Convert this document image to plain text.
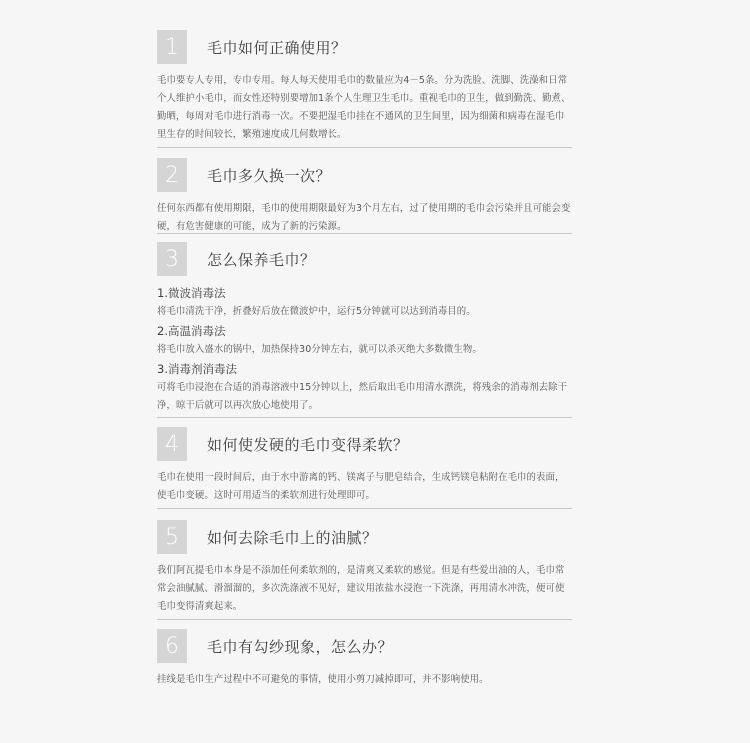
1	毛巾如何正确使用？
毛巾要专人专用，专巾专用。每人每天使用毛巾的数量应为4－5条。分为洗脸、洗脚、洗澡和日常个人维护小毛巾，而女性还特别要增加1条个人生理卫生毛巾。重视毛巾的卫生，做到勤洗、勤煮、勤晒，每周对毛巾进行消毒一次。不要把湿毛巾挂在不通风的卫生间里，因为细菌和病毒在湿毛巾里生存的时间较长，繁殖速度成几何数增长。
2	毛巾多久换一次？
任何东西都有使用期限，毛巾的使用期限最好为3个月左右，过了使用期的毛巾会污染并且可能会变硬，有危害健康的可能，成为了新的污染源。
3	怎么保养毛巾？
1.微波消毒法
将毛巾清洗干净，折叠好后放在微波炉中，运行5分钟就可以达到消毒目的。
2.高温消毒法
将毛巾放入盛水的锅中，加热保持30分钟左右，就可以杀灭绝大多数微生物。
3.消毒剂消毒法
可将毛巾浸泡在合适的消毒溶液中15分钟以上，然后取出毛巾用清水漂洗，将残余的消毒剂去除干净，晾干后就可以再次放心地使用了。
4	如何使发硬的毛巾变得柔软？
毛巾在使用一段时间后，由于水中游离的钙、镁离子与肥皂结合，生成钙镁皂粘附在毛巾的表面，使毛巾变硬。这时可用适当的柔软剂进行处理即可。
5	如何去除毛巾上的油腻？
我们阿瓦提毛巾本身是不添加任何柔软剂的，是清爽又柔软的感觉。但是有些爱出油的人，毛巾常常会油腻腻、滑溜溜的，多次洗涤液不见好，建议用浓盐水浸泡一下洗涤，再用清水冲洗，便可使毛巾变得清爽起来。
6	毛巾有勾纱现象，怎么办？
挂线是毛巾生产过程中不可避免的事情，使用小剪刀减掉即可，并不影响使用。
